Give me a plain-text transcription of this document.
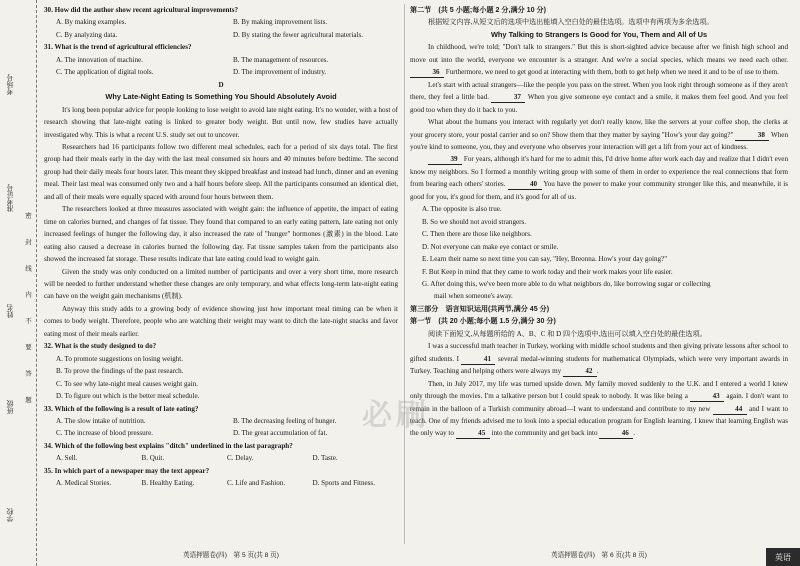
考场号
准考证号
姓名
班级
学校
密 封 线 内 不 要 答 题

30. How did the author show recent agricultural improvements?

A. By making examples.	B. By making improvement lists.
C. By analyzing data.	D. By stating the fewer agricultural materials.

31. What is the trend of agricultural efficiencies?

A. The innovation of machine.	B. The management of resources.
C. The application of digital tools.	D. The improvement of industry.

D

Why Late-Night Eating Is Something You Should Absolutely Avoid

It's long been popular advice for people looking to lose weight to avoid late night eating. It's no wonder, with a host of research showing that late-night eating is linked to greater body weight. But until now, few studies have actually investigated why. This is what a recent U.S. study set out to uncover.

Researchers had 16 participants follow two different meal schedules, each for a period of six days total. The first group had their meals early in the day with the last meal consumed six hours and 40 minutes before bedtime. The second group had their daily meals four hours later. This meant they skipped breakfast and instead had lunch, dinner and an evening meal. Their last meal was consumed only two and a half hours before sleep. All the participants consumed an identical diet, and all of their meals were equally spaced with around four hours between them.

The researchers looked at three measures associated with weight gain: the influence of appetite, the impact of eating time on calories burned, and changes of fat tissue. They found that compared to an early eating pattern, late eating not only increased feelings of hunger the following day, it also increased the rate of "hunger" hormones (激素) in the blood. Late eating also caused a decrease in calories burned the following day. Fat tissue samples taken from the participants also showed the increased fat storage. These results indicate that late eating could lead to weight gain.

Given the study was only conducted on a limited number of participants and over a very short time, more research will be needed to further understand whether these changes are only temporary, and what effects long-term late-night eating can have on the weight gain mechanisms (机制).

Anyway this study adds to a growing body of evidence showing just how important meal timing can be when it comes to body weight. Therefore, people who are watching their weight may want to ditch the late-night snacks and favor eating most of their meals earlier.

32. What is the study designed to do?

A. To promote suggestions on losing weight.

B. To prove the findings of the past research.

C. To see why late-night meal causes weight gain.

D. To figure out which is the better meal schedule.

33. Which of the following is a result of late eating?

A. The slow intake of nutrition.	B. The decreasing feeling of hunger.
C. The increase of blood pressure.	D. The great accumulation of fat.

34. Which of the following best explains "ditch" underlined in the last paragraph?

A. Sell.	B. Quit.	C. Delay.	D. Taste.

35. In which part of a newspaper may the text appear?

A. Medical Stories.	B. Healthy Eating.	C. Life and Fashion.	D. Sports and Fitness.

第二节　(共 5 小题;每小题 2 分,满分 10 分)

根据短文内容,从短文后的选项中选出能填入空白处的最佳选项。选项中有两项为多余选项。

Why Talking to Strangers Is Good for You, Them and All of Us

In childhood, we're told; "Don't talk to strangers." But this is short-sighted advice because after we finish high school and move out into the world, everyone we encounter is a stranger. And we're a social species, which means we need each other. 36 Furthermore, we need to get good at interacting with them, both to get help when we need it and to be of use to them.

Let's start with actual strangers—like the people you pass on the street. When you look right through someone as if they aren't there, they feel a little bad.	37 When you give someone eye contact and a smile, it makes them feel good. And you feel good too when they do it back to you.

What about the humans you interact with regularly yet don't really know, like the servers at your coffee shop, the clerks at your grocery store, your postal carrier and so on? Show them that they matter by saying "How's your day going?"	38 When you're kind to someone, you, they and everyone who observes your interaction will get a lift from your act of kindness.

39 For years, although it's hard for me to admit this, I'd drive home after work each day and realize that I didn't even know my neighbors. So I formed a monthly writing group with some of them in order to experience the real connections that form from bearing each others' stories.	40 You have the power to make your community stronger like this, and meanwhile, it is good for you, it's good for them, and it's good for all of us.

A. The opposite is also true.

B. So we should not avoid strangers.

C. Then there are those like neighbors.

D. Not everyone can make eye contact or smile.

E. Learn their name so next time you can say, "Hey, Breonna. How's your day going?"

F. But Keep in mind that they came to work today and their work makes your life easier.

G. After doing this, we've been more able to do what neighbors do, like borrowing sugar or collecting

mail when someone's away.

第三部分　语言知识运用(共两节,满分 45 分)

第一节　(共 20 小题;每小题 1.5 分,满分 30 分)

阅读下面短文,从每题所给的 A、B、C 和 D 四个选项中,选出可以填入空白处的最佳选项。

I was a successful math teacher in Turkey, working with middle school students and then giving private lessons after school to gifted students. I	41 several medal-winning students for mathematical Olympiads, which were very important awards in Turkey. Teaching and helping others were always my	42 .

Then, in July 2017, my life was turned upside down. My family moved suddenly to the U.K. and I entered a world I knew only through the movies. I'm a talkative person but I could speak to nobody. It was like being a	43 again. I don't want to remain in the balloon of a Turkish community abroad—I want to understand and contribute to my new	44 and I want to teach. One of my friends advised me to look into a special education program for English learning. I knew that learning English was the only way to	45 into the community and get back into	46 .

必刷
英语押题卷(四)　第 5 页(共 8 页)	英语押题卷(四)　第 6 页(共 8 页)	英语
